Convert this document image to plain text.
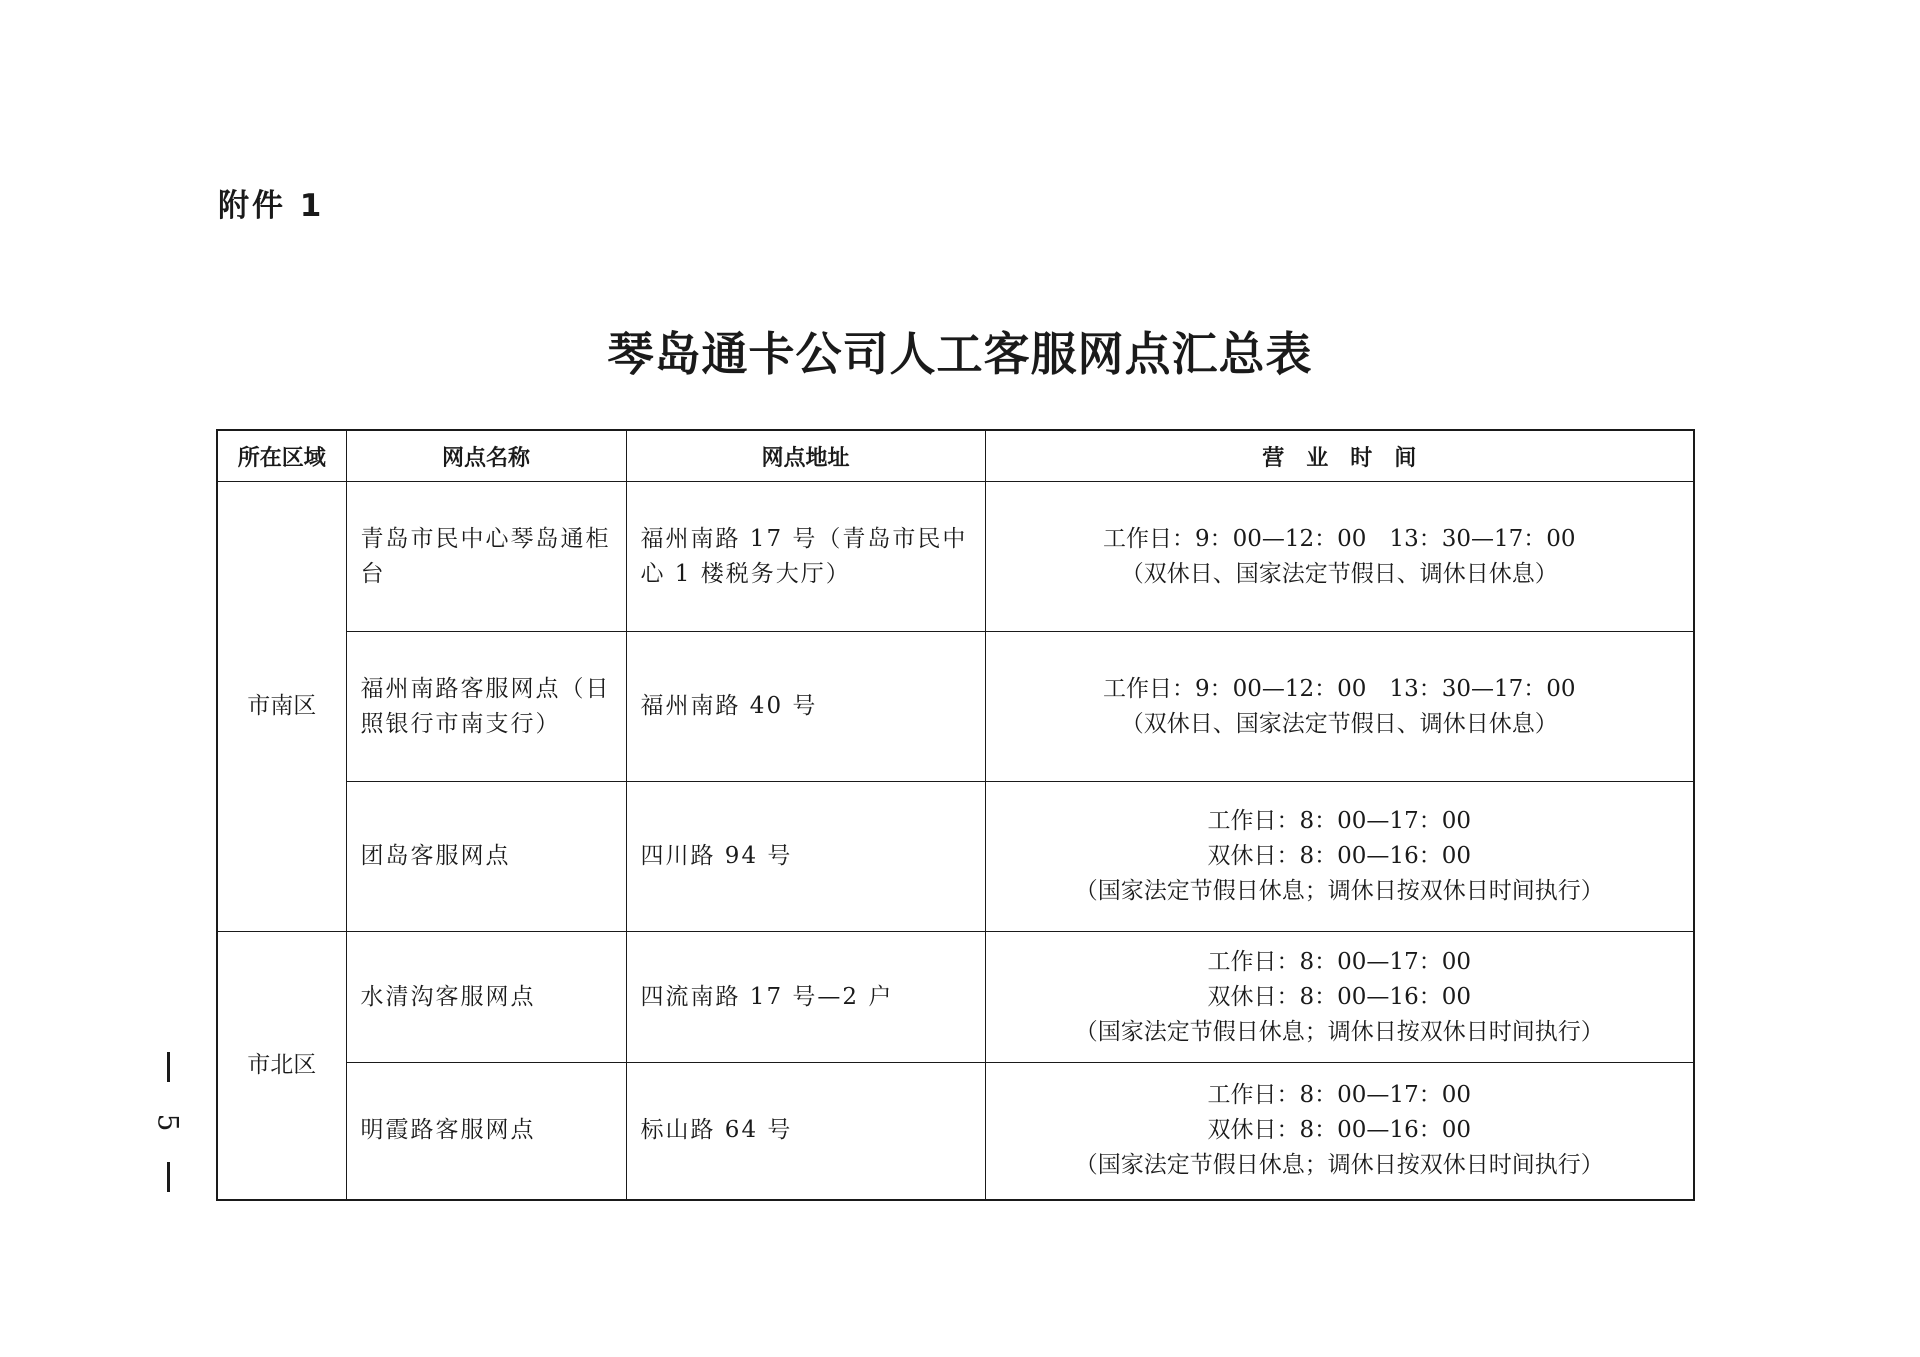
附件 1
琴岛通卡公司人工客服网点汇总表
所在区域	网点名称	网点地址	营　业　时　间
市南区	青岛市民中心琴岛通柜台	福州南路 17 号（青岛市民中心 1 楼税务大厅）	工作日：9：00—12：00　13：30—17：00
（双休日、国家法定节假日、调休日休息）

	福州南路客服网点（日照银行市南支行）	福州南路 40 号	工作日：9：00—12：00　13：30—17：00
（双休日、国家法定节假日、调休日休息）

	团岛客服网点	四川路 94 号	工作日：8：00—17：00
双休日：8：00—16：00
（国家法定节假日休息；调休日按双休日时间执行）

市北区	水清沟客服网点	四流南路 17 号—2 户	工作日：8：00—17：00
双休日：8：00—16：00
（国家法定节假日休息；调休日按双休日时间执行）

	明霞路客服网点	标山路 64 号	工作日：8：00—17：00
双休日：8：00—16：00
（国家法定节假日休息；调休日按双休日时间执行）
5
